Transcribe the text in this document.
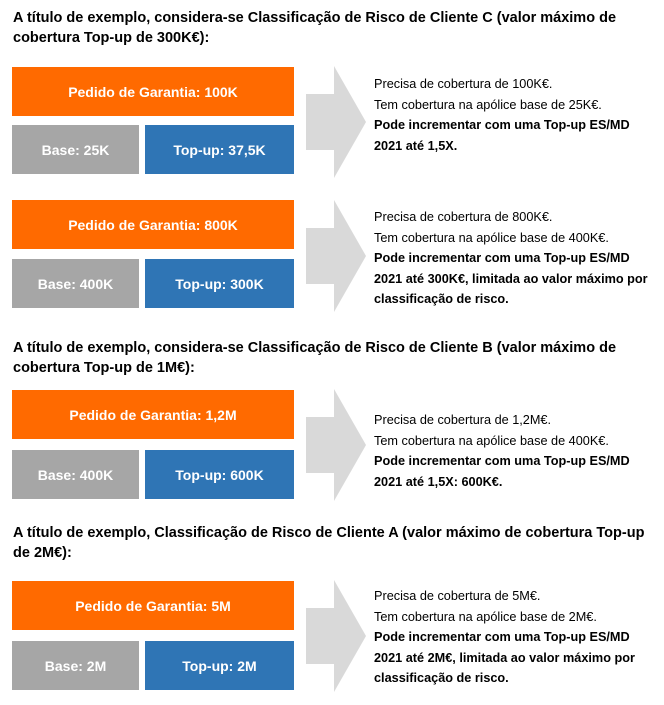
A título de exemplo, considera-se Classificação de Risco de Cliente C (valor máximo de cobertura Top-up de 300K€):
Pedido de Garantia: 100K
Base: 25K	Top-up: 37,5K
Precisa de cobertura de 100K€.
Tem cobertura na apólice base de 25K€.
Pode incrementar com uma Top-up ES/MD 2021 até 1,5X.
Pedido de Garantia: 800K
Base: 400K	Top-up: 300K
Precisa de cobertura de 800K€.
Tem cobertura na apólice base de 400K€.
Pode incrementar com uma Top-up ES/MD 2021 até 300K€, limitada ao valor máximo por classificação de risco.
A título de exemplo, considera-se Classificação de Risco de Cliente B (valor máximo de cobertura Top-up de 1M€):
Pedido de Garantia: 1,2M
Base: 400K	Top-up: 600K
Precisa de cobertura de 1,2M€.
Tem cobertura na apólice base de 400K€.
Pode incrementar com uma Top-up ES/MD 2021 até 1,5X: 600K€.
A título de exemplo, Classificação de Risco de Cliente A (valor máximo de cobertura Top-up de 2M€):
Pedido de Garantia: 5M
Base: 2M	Top-up: 2M
Precisa de cobertura de 5M€.
Tem cobertura na apólice base de 2M€.
Pode incrementar com uma Top-up ES/MD 2021 até 2M€, limitada ao valor máximo por classificação de risco.
